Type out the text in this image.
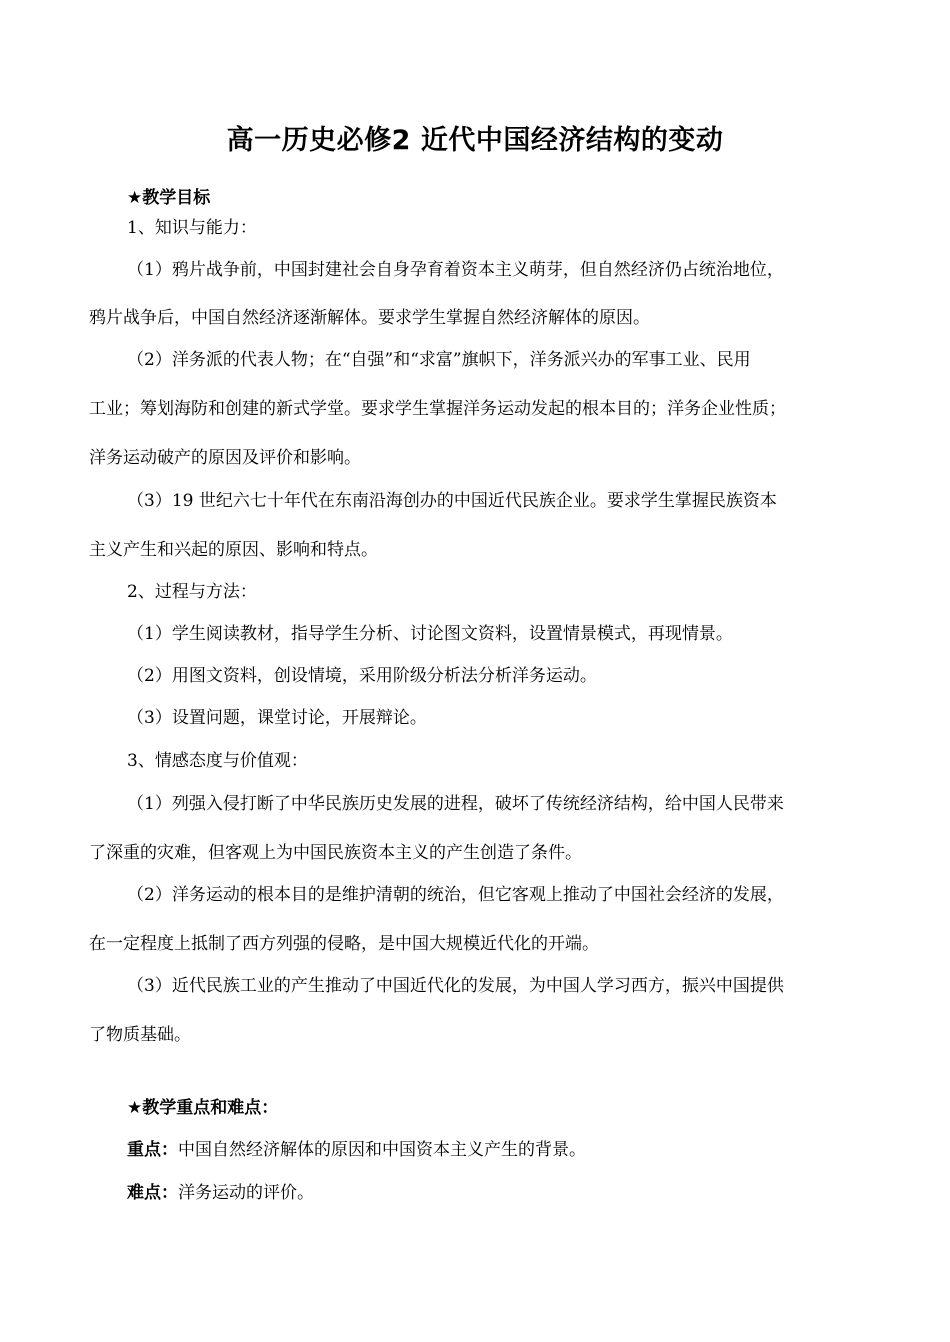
高一历史必修2 近代中国经济结构的变动
★教学目标
1、知识与能力：
（1）鸦片战争前，中国封建社会自身孕育着资本主义萌芽，但自然经济仍占统治地位，
鸦片战争后，中国自然经济逐渐解体。要求学生掌握自然经济解体的原因。
（2）洋务派的代表人物；在“自强”和“求富”旗帜下，洋务派兴办的军事工业、民用
工业；筹划海防和创建的新式学堂。要求学生掌握洋务运动发起的根本目的；洋务企业性质；
洋务运动破产的原因及评价和影响。
（3）19 世纪六七十年代在东南沿海创办的中国近代民族企业。要求学生掌握民族资本
主义产生和兴起的原因、影响和特点。
2、过程与方法：
（1）学生阅读教材，指导学生分析、讨论图文资料，设置情景模式，再现情景。
（2）用图文资料，创设情境，采用阶级分析法分析洋务运动。
（3）设置问题，课堂讨论，开展辩论。
3、情感态度与价值观：
（1）列强入侵打断了中华民族历史发展的进程，破坏了传统经济结构，给中国人民带来
了深重的灾难，但客观上为中国民族资本主义的产生创造了条件。
（2）洋务运动的根本目的是维护清朝的统治，但它客观上推动了中国社会经济的发展，
在一定程度上抵制了西方列强的侵略，是中国大规模近代化的开端。
（3）近代民族工业的产生推动了中国近代化的发展，为中国人学习西方，振兴中国提供
了物质基础。
★教学重点和难点：
重点：中国自然经济解体的原因和中国资本主义产生的背景。
难点：洋务运动的评价。
